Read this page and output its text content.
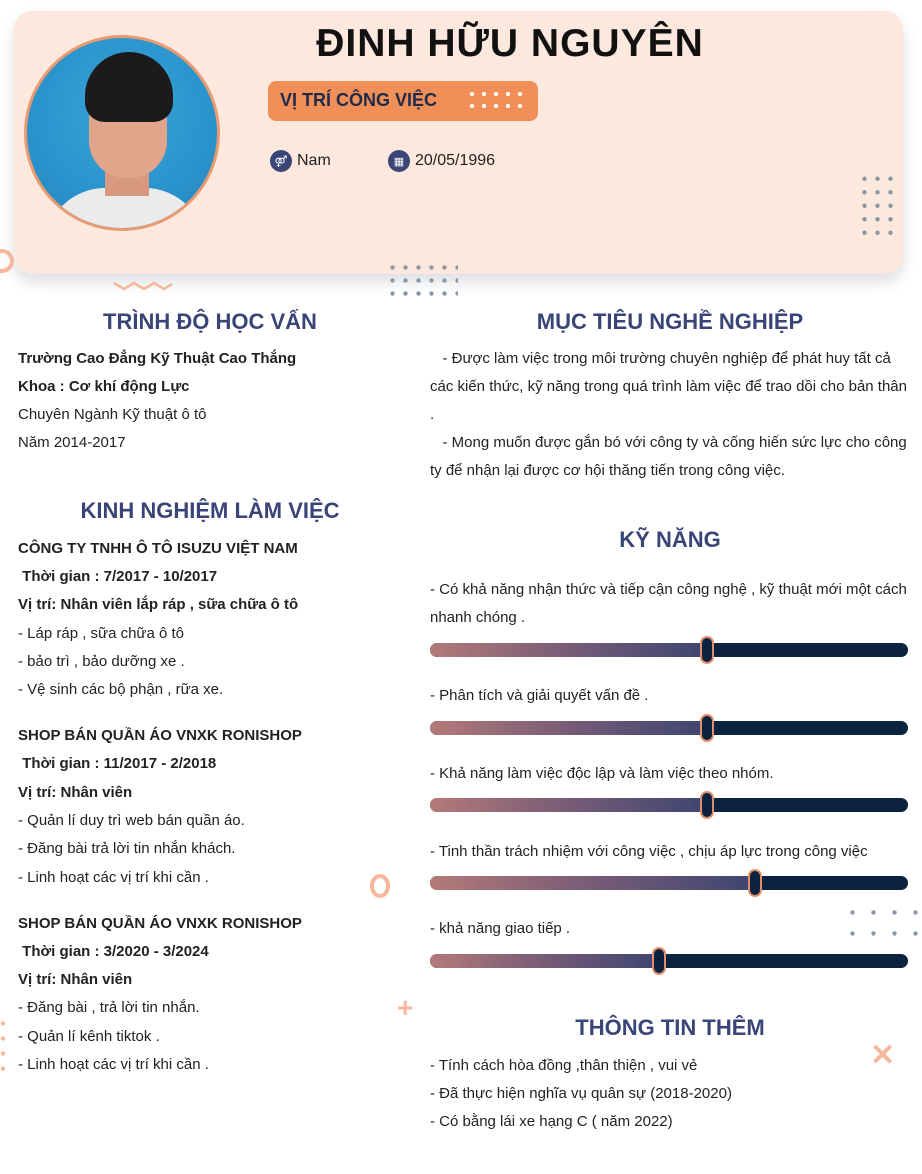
ĐINH HỮU NGUYÊN
VỊ TRÍ CÔNG VIỆC
⚤ Nam	▦ 20/05/1996
+
✕
TRÌNH ĐỘ HỌC VẤN
Trường Cao Đẳng Kỹ Thuật Cao Thắng
Khoa : Cơ khí động Lực
Chuyên Ngành Kỹ thuật ô tô
Năm 2014-2017
KINH NGHIỆM LÀM VIỆC
CÔNG TY TNHH Ô TÔ ISUZU VIỆT NAM
Thời gian : 7/2017 - 10/2017
Vị trí: Nhân viên lắp ráp , sữa chữa ô tô
- Láp ráp , sữa chữa ô tô
- bảo trì , bảo dưỡng xe .
- Vệ sinh các bộ phận , rữa xe.
SHOP BÁN QUẦN ÁO VNXK RONISHOP
Thời gian : 11/2017 - 2/2018
Vị trí: Nhân viên
- Quản lí duy trì web bán quần áo.
- Đăng bài trả lời tin nhắn khách.
- Linh hoạt các vị trí khi cần .
SHOP BÁN QUẦN ÁO VNXK RONISHOP
Thời gian : 3/2020 - 3/2024
Vị trí: Nhân viên
- Đăng bài , trả lời tin nhắn.
- Quản lí kênh tiktok .
- Linh hoạt các vị trí khi cần .
MỤC TIÊU NGHỀ NGHIỆP
- Được làm việc trong môi trường chuyên nghiệp để phát huy tất cả các kiến thức, kỹ năng trong quá trình làm việc để trao dồi cho bản thân .
- Mong muốn được gắn bó với công ty và cống hiến sức lực cho công ty để nhận lại được cơ hội thăng tiến trong công việc.
KỸ NĂNG
- Có khả năng nhận thức và tiếp cận công nghệ , kỹ thuật mới một cách nhanh chóng .
- Phân tích và giải quyết vấn đề .
- Khả năng làm việc độc lập và làm việc theo nhóm.
- Tinh thần trách nhiệm với công việc , chịu áp lực trong công việc
- khả năng giao tiếp .
THÔNG TIN THÊM
- Tính cách hòa đồng ,thân thiện , vui vẻ
- Đã thực hiện nghĩa vụ quân sự (2018-2020)
- Có bằng lái xe hạng C ( năm 2022)
